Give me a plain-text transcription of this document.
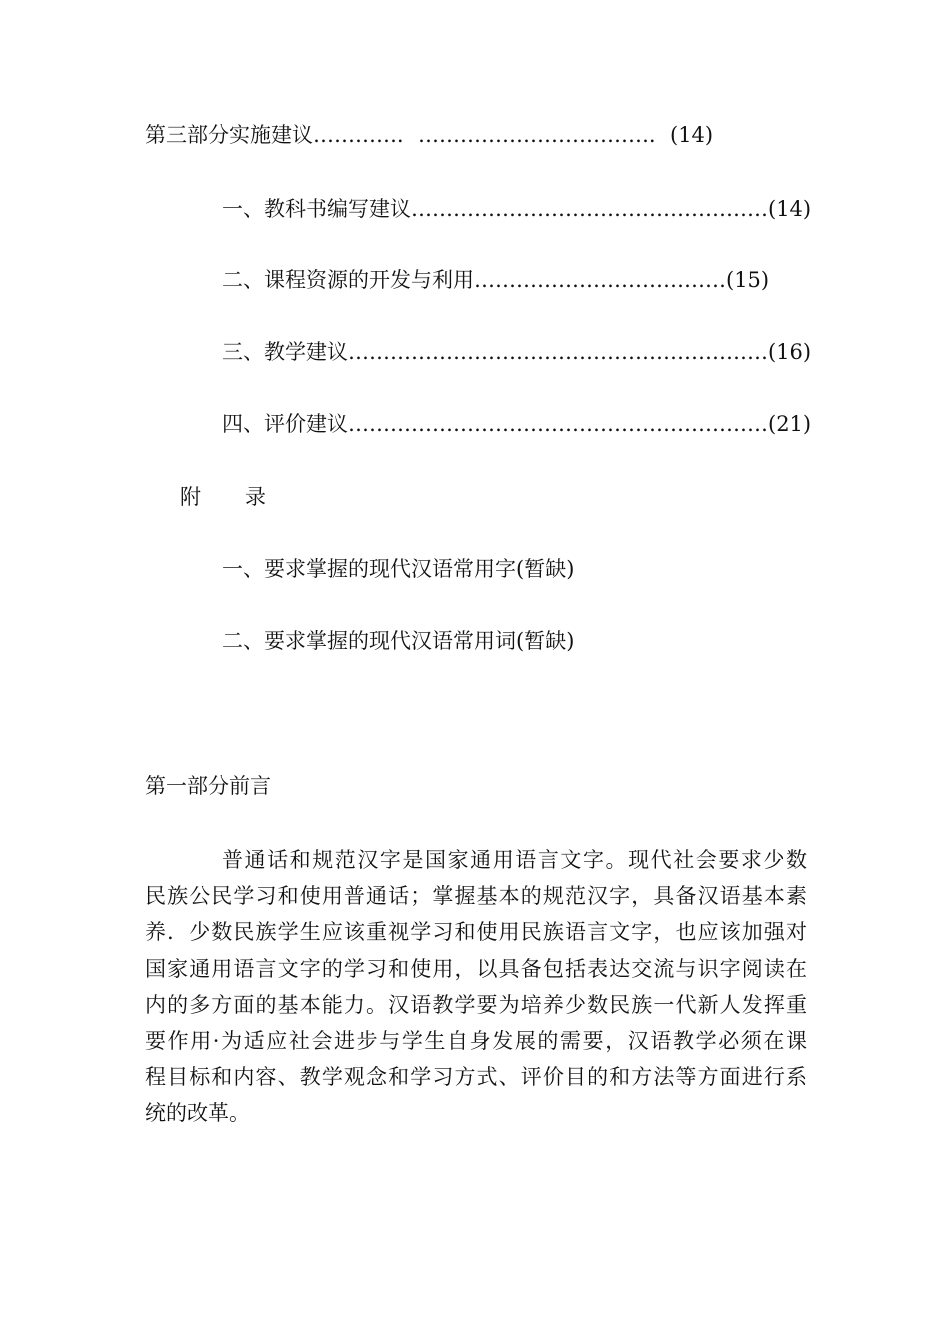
第三部分实施建议…………．……………………………．(14)
一、教科书编写建议……………………………………………(14)
二、课程资源的开发与利用………………………………(15)
三、教学建议……………………………………………………(16)
四、评价建议……………………………………………………(21)
附 录
一、要求掌握的现代汉语常用字(暂缺)
二、要求掌握的现代汉语常用词(暂缺)
第一部分前言
普通话和规范汉字是国家通用语言文字。现代社会要求少数
民族公民学习和使用普通话；掌握基本的规范汉字，具备汉语基本素
养．少数民族学生应该重视学习和使用民族语言文字，也应该加强对
国家通用语言文字的学习和使用，以具备包括表达交流与识字阅读在
内的多方面的基本能力。汉语教学要为培养少数民族一代新人发挥重
要作用·为适应社会进步与学生自身发展的需要，汉语教学必须在课
程目标和内容、教学观念和学习方式、评价目的和方法等方面进行系
统的改革。
